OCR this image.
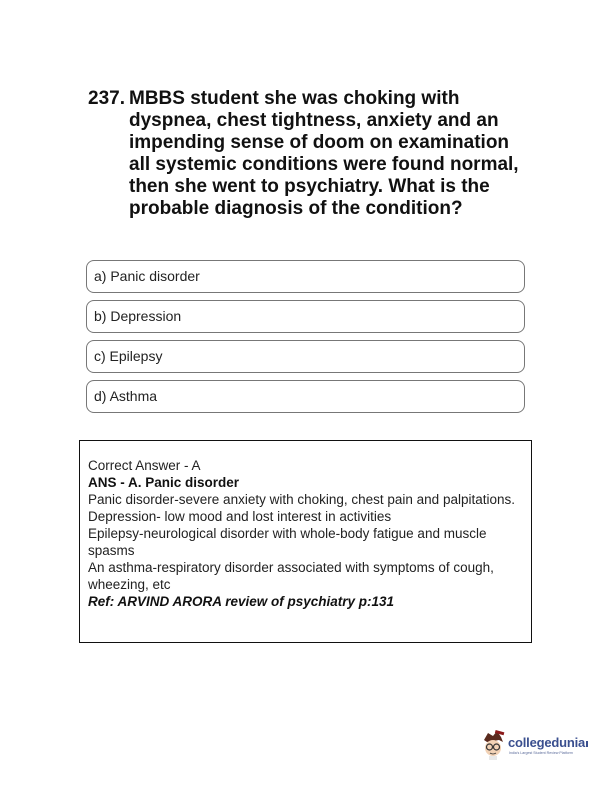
237. MBBS student she was choking with dyspnea, chest tightness, anxiety and an impending sense of doom on examination all systemic conditions were found normal, then she went to psychiatry. What is the probable diagnosis of the condition?
a) Panic disorder
b) Depression
c) Epilepsy
d) Asthma
Correct Answer - A
ANS - A. Panic disorder
Panic disorder-severe anxiety with choking, chest pain and palpitations.
Depression- low mood and lost interest in activities
Epilepsy-neurological disorder with whole-body fatigue and muscle spasms
An asthma-respiratory disorder associated with symptoms of cough, wheezing, etc
Ref: ARVIND ARORA review of psychiatry p:131
collegedunia
India's Largest Student Review Platform
